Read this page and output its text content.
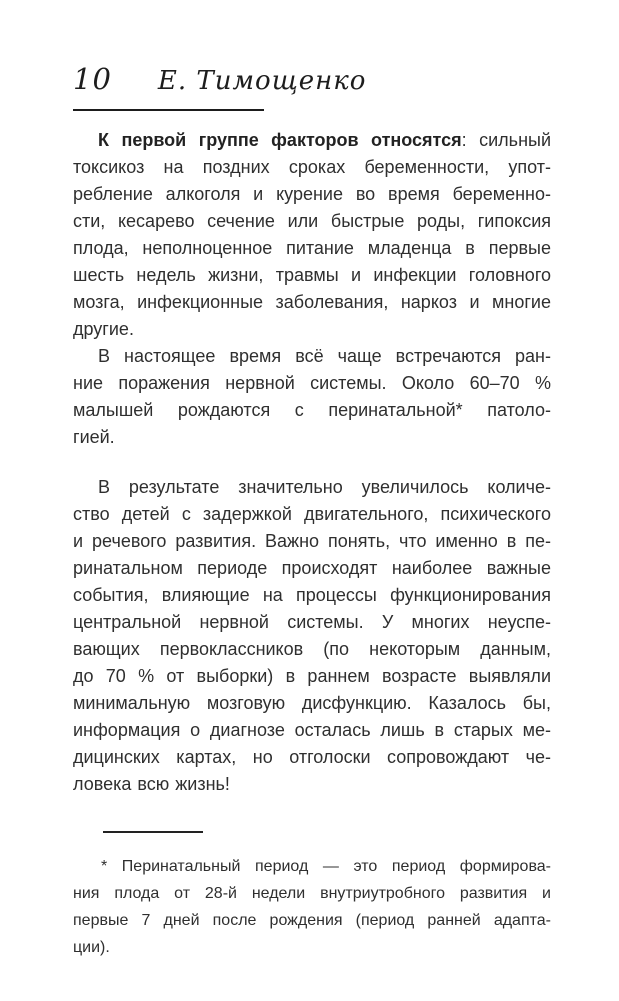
10 Е. Тимощенко
К первой группе факторов относятся: сильный
токсикоз на поздних сроках беременности, упот-
ребление алкоголя и курение во время беременно-
сти, кесарево сечение или быстрые роды, гипоксия
плода, неполноценное питание младенца в первые
шесть недель жизни, травмы и инфекции головного
мозга, инфекционные заболевания, наркоз и многие
другие.
В настоящее время всё чаще встречаются ран-
ние поражения нервной системы. Около 60–70 %
малышей рождаются с перинатальной* патоло-
гией.
В результате значительно увеличилось количе-
ство детей с задержкой двигательного, психического
и речевого развития. Важно понять, что именно в пе-
ринатальном периоде происходят наиболее важные
события, влияющие на процессы функционирования
центральной нервной системы. У многих неуспе-
вающих первоклассников (по некоторым данным,
до 70 % от выборки) в раннем возрасте выявляли
минимальную мозговую дисфункцию. Казалось бы,
информация о диагнозе осталась лишь в старых ме-
дицинских картах, но отголоски сопровождают че-
ловека всю жизнь!
* Перинатальный период — это период формирова-
ния плода от 28-й недели внутриутробного развития и
первые 7 дней после рождения (период ранней адапта-
ции).
